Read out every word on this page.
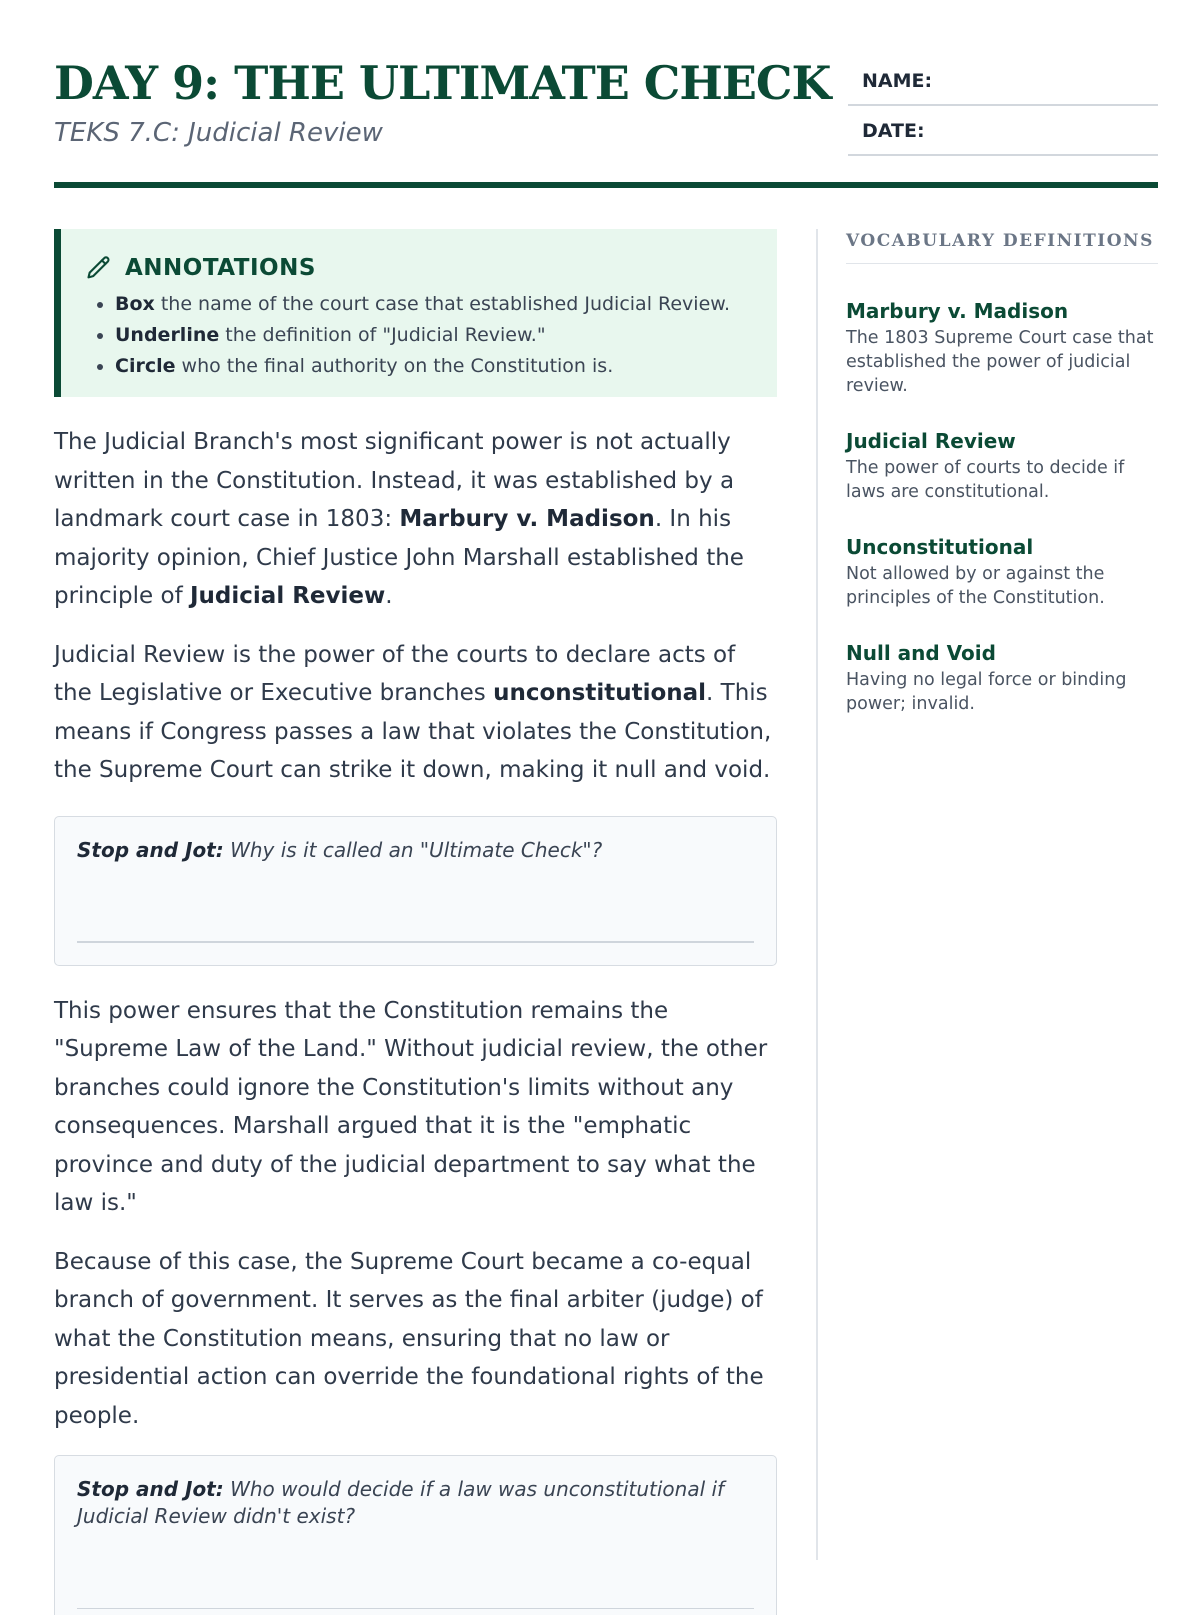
DAY 9: THE ULTIMATE CHECK
TEKS 7.C: Judicial Review
NAME:
DATE:
ANNOTATIONS
• Box the name of the court case that established Judicial Review.
• Underline the definition of "Judicial Review."
• Circle who the final authority on the Constitution is.

The Judicial Branch's most significant power is not actually written in the Constitution. Instead, it was established by a landmark court case in 1803: Marbury v. Madison. In his majority opinion, Chief Justice John Marshall established the principle of Judicial Review.

Judicial Review is the power of the courts to declare acts of the Legislative or Executive branches unconstitutional. This means if Congress passes a law that violates the Constitution, the Supreme Court can strike it down, making it null and void.

Stop and Jot: Why is it called an "Ultimate Check"?

This power ensures that the Constitution remains the "Supreme Law of the Land." Without judicial review, the other branches could ignore the Constitution's limits without any consequences. Marshall argued that it is the "emphatic province and duty of the judicial department to say what the law is."

Because of this case, the Supreme Court became a co-equal branch of government. It serves as the final arbiter (judge) of what the Constitution means, ensuring that no law or presidential action can override the foundational rights of the people.

Stop and Jot: Who would decide if a law was unconstitutional if Judicial Review didn't exist?
VOCABULARY DEFINITIONS
Marbury v. Madison
The 1803 Supreme Court case that established the power of judicial review.
Judicial Review
The power of courts to decide if laws are constitutional.
Unconstitutional
Not allowed by or against the principles of the Constitution.
Null and Void
Having no legal force or binding power; invalid.
